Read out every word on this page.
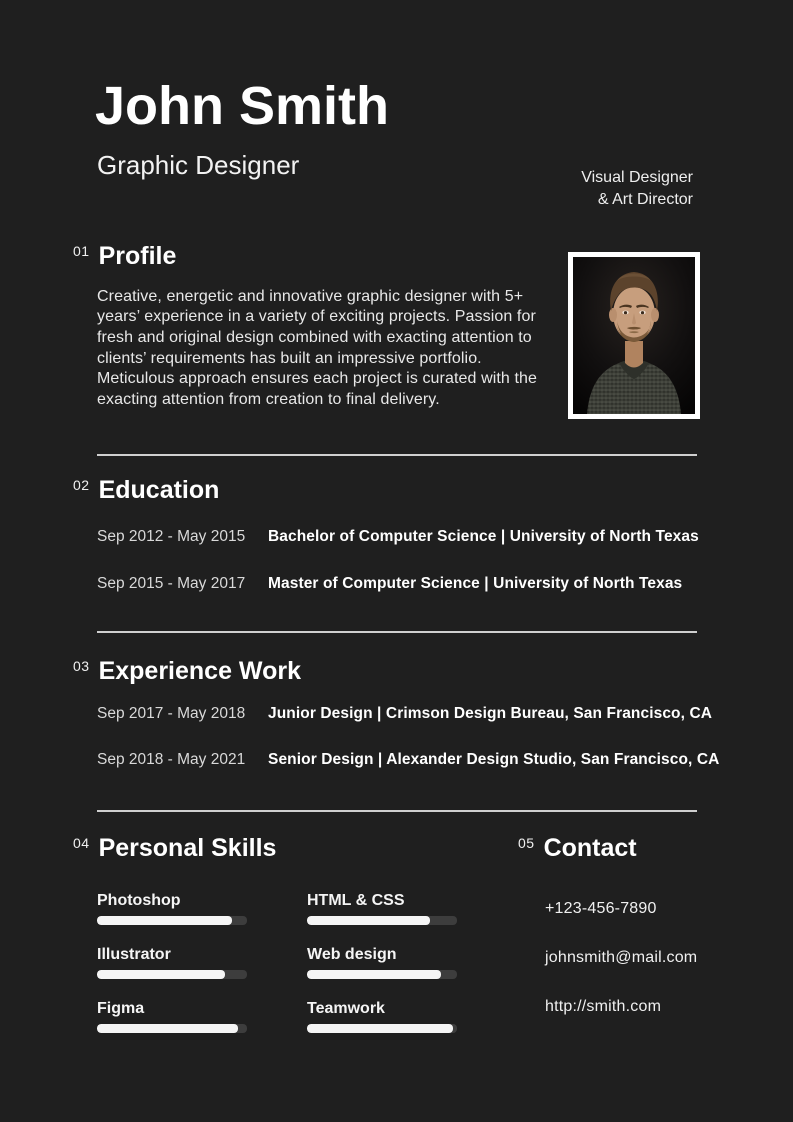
John Smith
Graphic Designer	Visual Designer
& Art Director
01 Profile

Creative, energetic and innovative graphic designer with 5+ years’ experience in a variety of exciting projects. Passion for fresh and original design combined with exacting attention to clients’ requirements has built an impressive portfolio. Meticulous approach ensures each project is curated with the exacting attention from creation to final delivery.

02 Education
Sep 2012 - May 2015	Bachelor of Computer Science | University of North Texas
Sep 2015 - May 2017	Master of Computer Science | University of North Texas
03 Experience Work
Sep 2017 - May 2018	Junior Design | Crimson Design Bureau, San Francisco, CA
Sep 2018 - May 2021	Senior Design | Alexander Design Studio, San Francisco, CA
04 Personal Skills
Photoshop	HTML & CSS
Illustrator	Web design
Figma	Teamwork
05 Contact
+123-456-7890
johnsmith@mail.com
http://smith.com
